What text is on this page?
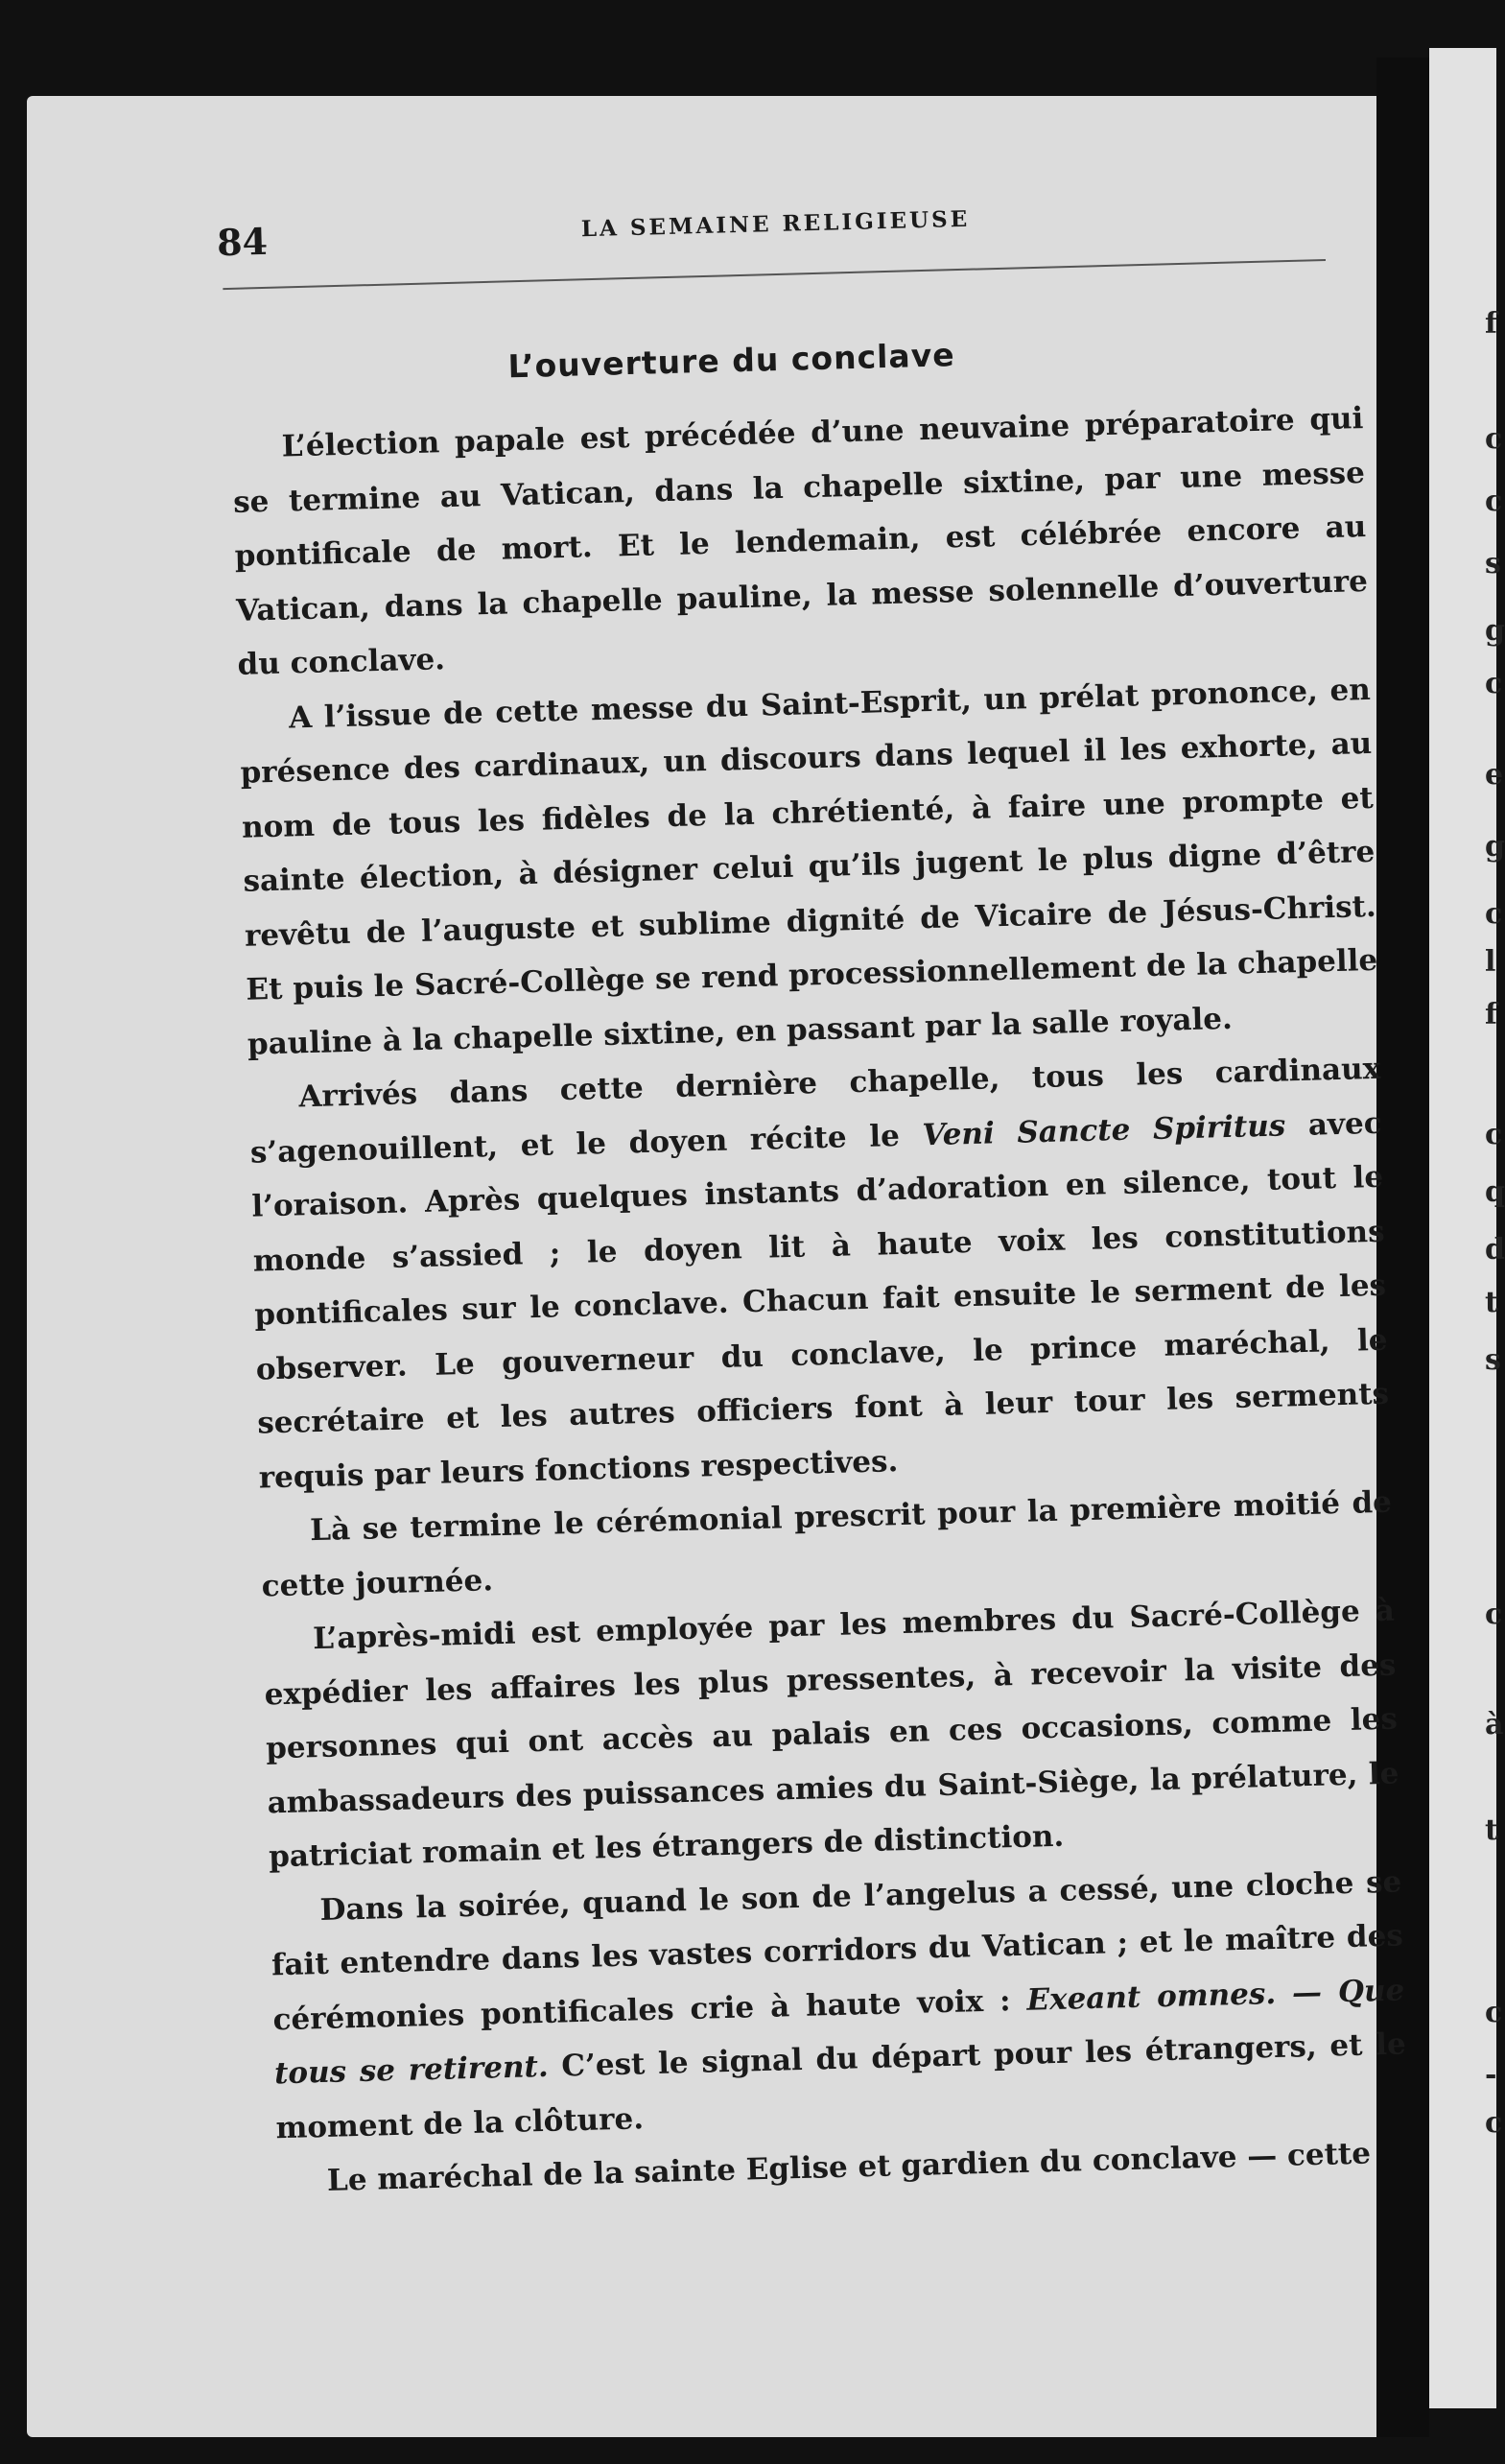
f
c
c
s
g
c
e
g
c
l
f
c
q
d
t
s
c
à
t
c
-
c
84	LA SEMAINE RELIGIEUSE
L’ouverture du conclave

L’élection papale est précédée d’une neuvaine préparatoire qui se termine au Vatican, dans la chapelle sixtine, par une messe pontificale de mort. Et le lendemain, est célébrée encore au Vatican, dans la chapelle pauline, la messe solennelle d’ouverture du conclave.

A l’issue de cette messe du Saint-Esprit, un prélat prononce, en présence des cardinaux, un discours dans lequel il les exhorte, au nom de tous les fidèles de la chrétienté, à faire une prompte et sainte élection, à désigner celui qu’ils jugent le plus digne d’être revêtu de l’auguste et sublime dignité de Vicaire de Jésus-Christ. Et puis le Sacré-Collège se rend processionnellement de la chapelle pauline à la chapelle sixtine, en passant par la salle royale.

Arrivés dans cette dernière chapelle, tous les cardinaux s’agenouillent, et le doyen récite le Veni Sancte Spiritus avec l’oraison. Après quelques instants d’adoration en silence, tout le monde s’assied ; le doyen lit à haute voix les constitutions pontificales sur le conclave. Chacun fait ensuite le serment de les observer. Le gouverneur du conclave, le prince maréchal, le secrétaire et les autres officiers font à leur tour les serments requis par leurs fonctions respectives.

Là se termine le cérémonial prescrit pour la première moitié de cette journée.

L’après-midi est employée par les membres du Sacré-Collège à expédier les affaires les plus pressentes, à recevoir la visite des personnes qui ont accès au palais en ces occasions, comme les ambassadeurs des puissances amies du Saint-Siège, la prélature, le patriciat romain et les étrangers de distinction.

Dans la soirée, quand le son de l’angelus a cessé, une cloche se fait entendre dans les vastes corridors du Vatican ; et le maître des cérémonies pontificales crie à haute voix : Exeant omnes. — Que tous se retirent. C’est le signal du départ pour les étrangers, et le moment de la clôture.

Le maréchal de la sainte Eglise et gardien du conclave — cette
